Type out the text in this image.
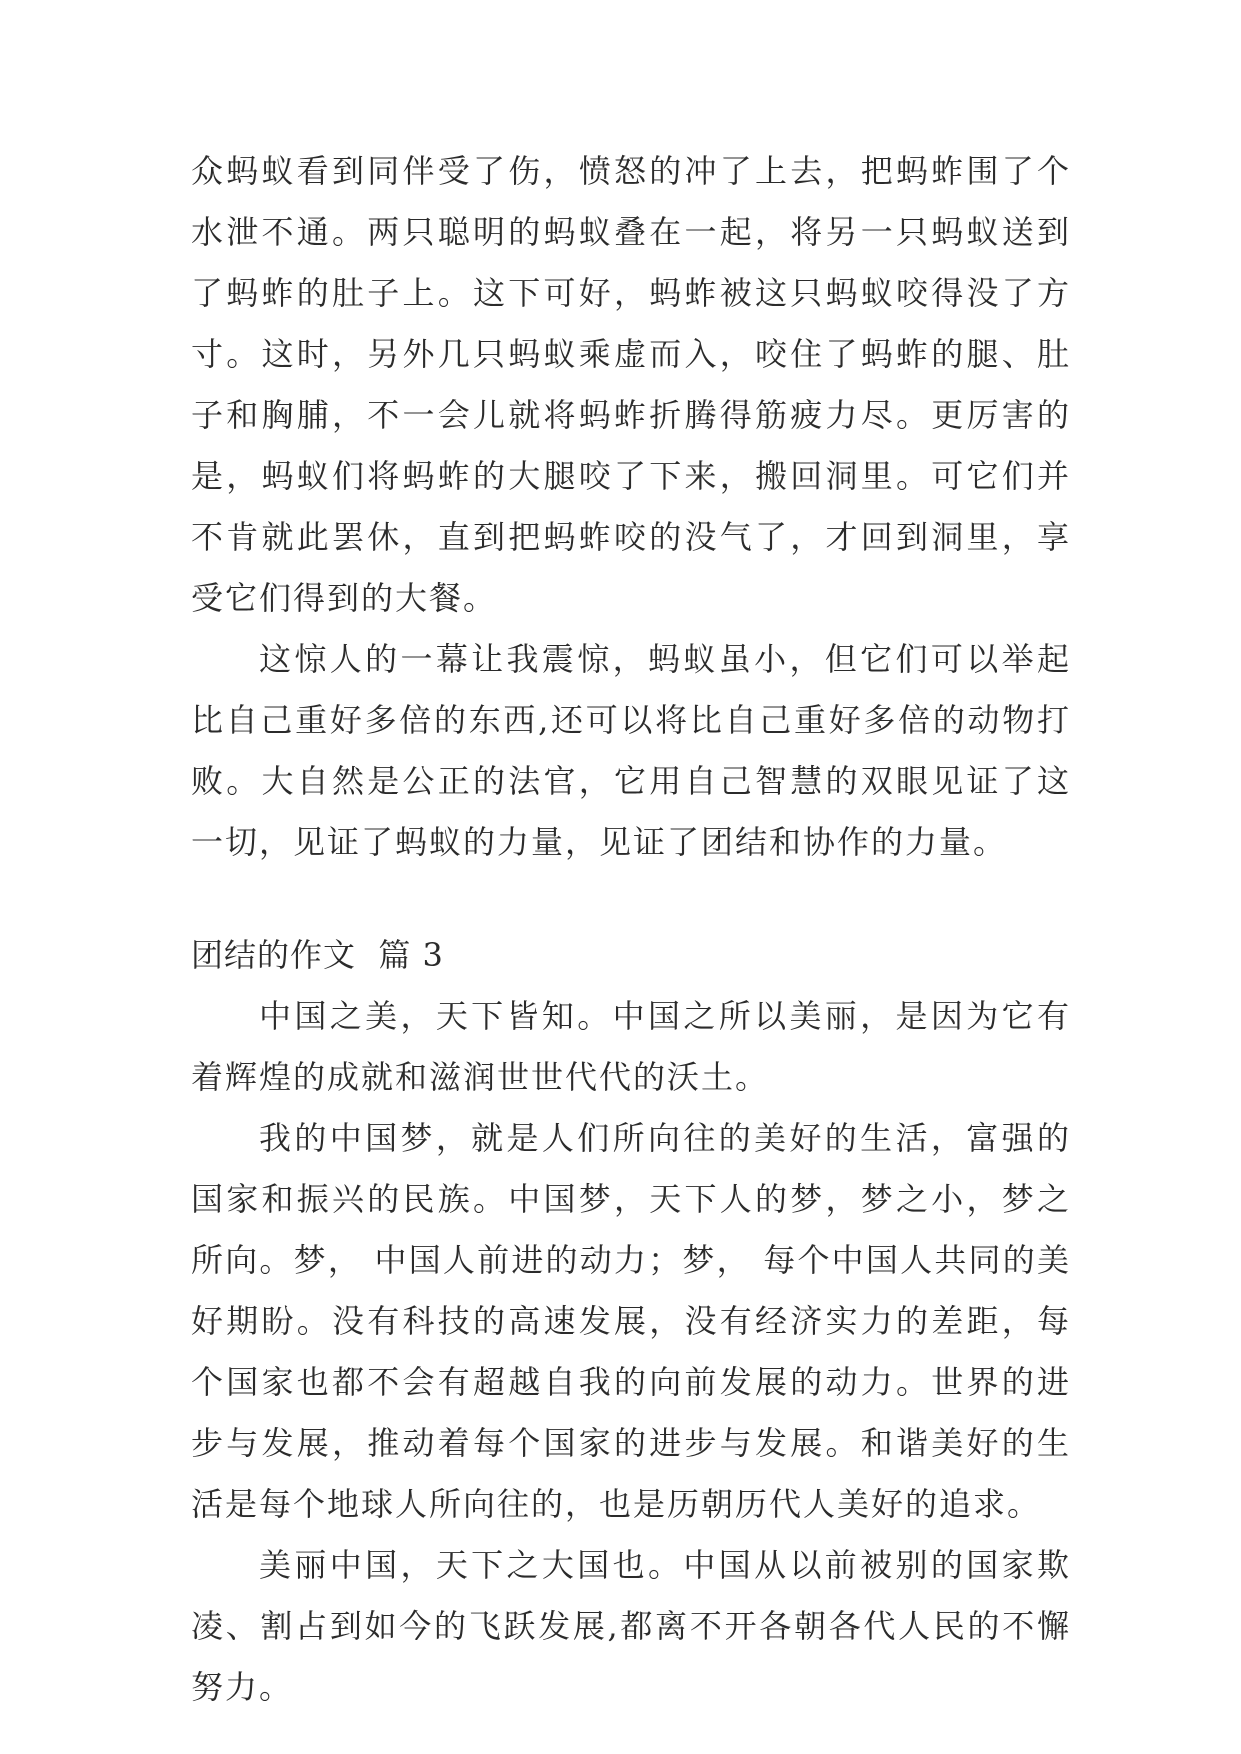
众蚂蚁看到同伴受了伤，愤怒的冲了上去，把蚂蚱围了个水泄不通。两只聪明的蚂蚁叠在一起，将另一只蚂蚁送到了蚂蚱的肚子上。这下可好，蚂蚱被这只蚂蚁咬得没了方寸。这时，另外几只蚂蚁乘虚而入，咬住了蚂蚱的腿、肚子和胸脯，不一会儿就将蚂蚱折腾得筋疲力尽。更厉害的是，蚂蚁们将蚂蚱的大腿咬了下来，搬回洞里。可它们并不肯就此罢休，直到把蚂蚱咬的没气了，才回到洞里，享受它们得到的大餐。

这惊人的一幕让我震惊，蚂蚁虽小，但它们可以举起比自己重好多倍的东西,还可以将比自己重好多倍的动物打败。大自然是公正的法官，它用自己智慧的双眼见证了这一切，见证了蚂蚁的力量，见证了团结和协作的力量。

团结的作文  篇 3

中国之美，天下皆知。中国之所以美丽，是因为它有着辉煌的成就和滋润世世代代的沃土。

我的中国梦，就是人们所向往的美好的生活，富强的国家和振兴的民族。中国梦，天下人的梦，梦之小，梦之所向。梦， 中国人前进的动力；梦， 每个中国人共同的美好期盼。没有科技的高速发展，没有经济实力的差距，每个国家也都不会有超越自我的向前发展的动力。世界的进步与发展，推动着每个国家的进步与发展。和谐美好的生活是每个地球人所向往的，也是历朝历代人美好的追求。

美丽中国，天下之大国也。中国从以前被别的国家欺凌、割占到如今的飞跃发展,都离不开各朝各代人民的不懈努力。
